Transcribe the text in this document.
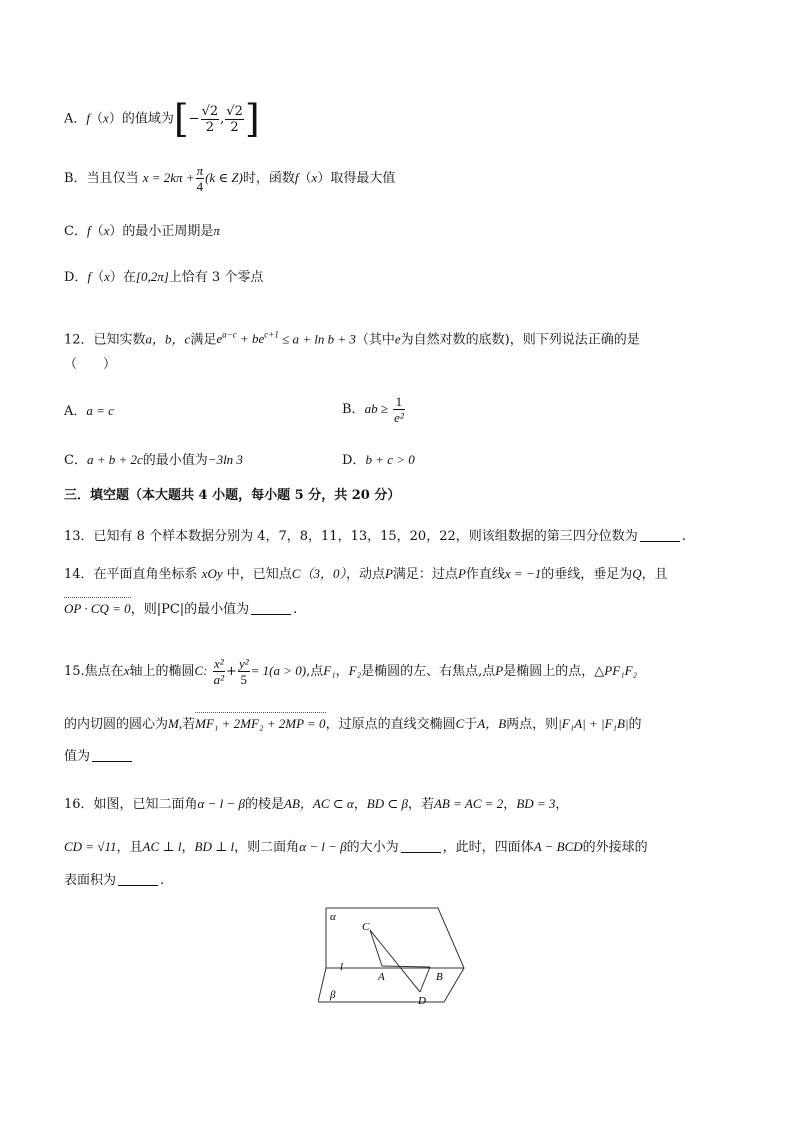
A．f（x）的值域为[− $\frac{√2}{2}$ , $\frac{√2}{2}$ ]
B．当且仅当 $x = 2k\pi + \frac{\pi}{4} (k$ ∈ Z)时，函数f（x）取得最大值
C．f（x）的最小正周期是π
D．f（x）在[0,2π]上恰有 3 个零点
12．已知实数a，b，c满足$e^{a-c} + be^{c+1} \le a + \ln b + 3$（其中e为自然对数的底数)，则下列说法正确的是
（　　）
A．a = c	B．ab ≥ $\frac{1}{\text{e²}}$
C．a + b + 2c的最小值为−3ln 3	D．b + c > 0
三．填空题（本大题共 4 小题，每小题 5 分，共 20 分）
13．已知有 8 个样本数据分别为 4，7，8，11，13，15，20，22，则该组数据的第三四分位数为	.
14．在平面直角坐标系 xOy 中，已知点C（3，0），动点P满足：过点P作直线x = −1的垂线，垂足为Q，且
OP · CQ = 0，则|PC|的最小值为	.
15.焦点在x轴上的椭圆C: $\frac{\text{x²}}{\text{a²}} + \frac{\text{y²}}{5} = 1(a > 0)$,点F₁，F₂是椭圆的左、右焦点,点P是椭圆上的点，△PF₁F₂
的内切圆的圆心为M,若MF₁ + 2MF₂ + 2MP = 0，过原点的直线交椭圆C于A，B两点，则|F₁A| + |F₁B|的
值为
16．如图，已知二面角α − l − β的棱是AB，AC ⊂ α，BD ⊂ β，若AB = AC = 2，BD = 3，
CD = √11，且AC ⊥ l，BD ⊥ l，则二面角α − l − β的大小为	，此时，四面体A − BCD的外接球的
表面积为	.
α
β
l
C
A	B
D
